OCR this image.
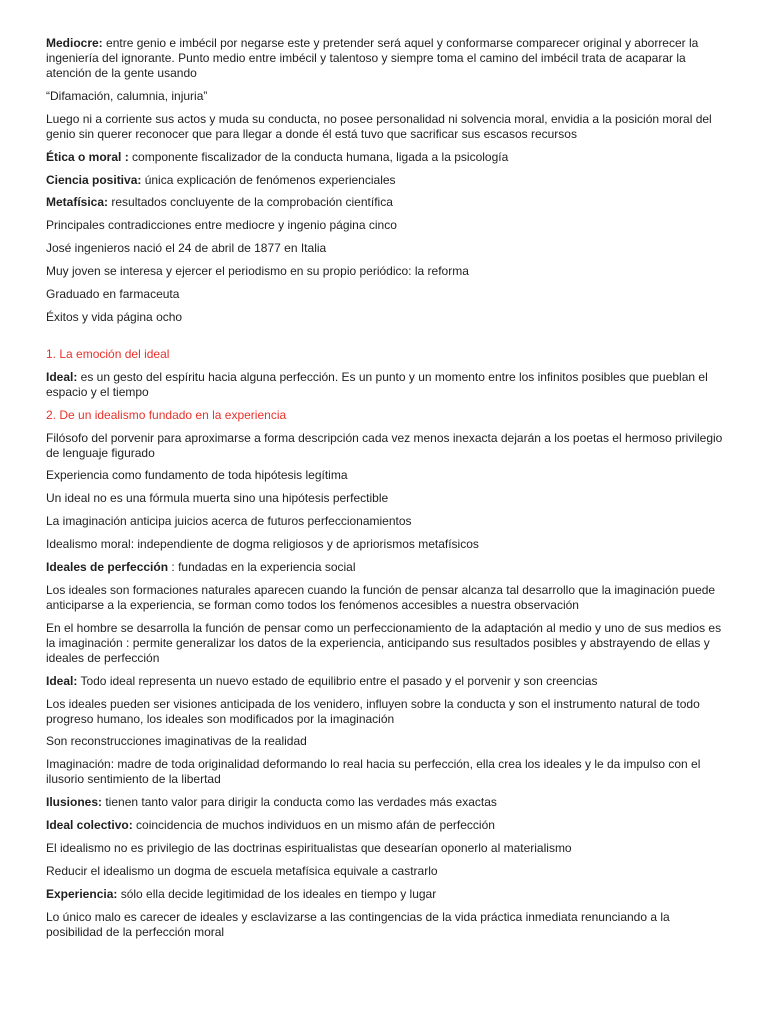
Mediocre: entre genio e imbécil por negarse este y pretender será aquel y conformarse comparecer original y aborrecer la ingeniería del ignorante. Punto medio entre imbécil y talentoso y siempre toma el camino del imbécil trata de acaparar la atención de la gente usando

“Difamación, calumnia, injuria”

Luego ni a corriente sus actos y muda su conducta, no posee personalidad ni solvencia moral, envidia a la posición moral del genio sin querer reconocer que para llegar a donde él está tuvo que sacrificar sus escasos recursos

Ética o moral : componente fiscalizador de la conducta humana, ligada a la psicología

Ciencia positiva: única explicación de fenómenos experienciales

Metafísica: resultados concluyente de la comprobación científica

Principales contradicciones entre mediocre y ingenio página cinco

José ingenieros nació el 24 de abril de 1877 en Italia

Muy joven se interesa y ejercer el periodismo en su propio periódico: la reforma

Graduado en farmaceuta

Éxitos y vida página ocho

1. La emoción del ideal

Ideal: es un gesto del espíritu hacia alguna perfección. Es un punto y un momento entre los infinitos posibles que pueblan el espacio y el tiempo

2. De un idealismo fundado en la experiencia

Filósofo del porvenir para aproximarse a forma descripción cada vez menos inexacta dejarán a los poetas el hermoso privilegio de lenguaje figurado

Experiencia como fundamento de toda hipótesis legítima

Un ideal no es una fórmula muerta sino una hipótesis perfectible

La imaginación anticipa juicios acerca de futuros perfeccionamientos

Idealismo moral: independiente de dogma religiosos y de apriorismos metafísicos

Ideales de perfección : fundadas en la experiencia social

Los ideales son formaciones naturales aparecen cuando la función de pensar alcanza tal desarrollo que la imaginación puede anticiparse a la experiencia, se forman como todos los fenómenos accesibles a nuestra observación

En el hombre se desarrolla la función de pensar como un perfeccionamiento de la adaptación al medio y uno de sus medios es la imaginación : permite generalizar los datos de la experiencia, anticipando sus resultados posibles y abstrayendo de ellas y ideales de perfección

Ideal: Todo ideal representa un nuevo estado de equilibrio entre el pasado y el porvenir y son creencias

Los ideales pueden ser visiones anticipada de los venidero, influyen sobre la conducta y son el instrumento natural de todo progreso humano, los ideales son modificados por la imaginación

Son reconstrucciones imaginativas de la realidad

Imaginación: madre de toda originalidad deformando lo real hacia su perfección, ella crea los ideales y le da impulso con el ilusorio sentimiento de la libertad

Ilusiones: tienen tanto valor para dirigir la conducta como las verdades más exactas

Ideal colectivo: coincidencia de muchos individuos en un mismo afán de perfección

El idealismo no es privilegio de las doctrinas espiritualistas que desearían oponerlo al materialismo

Reducir el idealismo un dogma de escuela metafísica equivale a castrarlo

Experiencia: sólo ella decide legitimidad de los ideales en tiempo y lugar

Lo único malo es carecer de ideales y esclavizarse a las contingencias de la vida práctica inmediata renunciando a la posibilidad de la perfección moral
